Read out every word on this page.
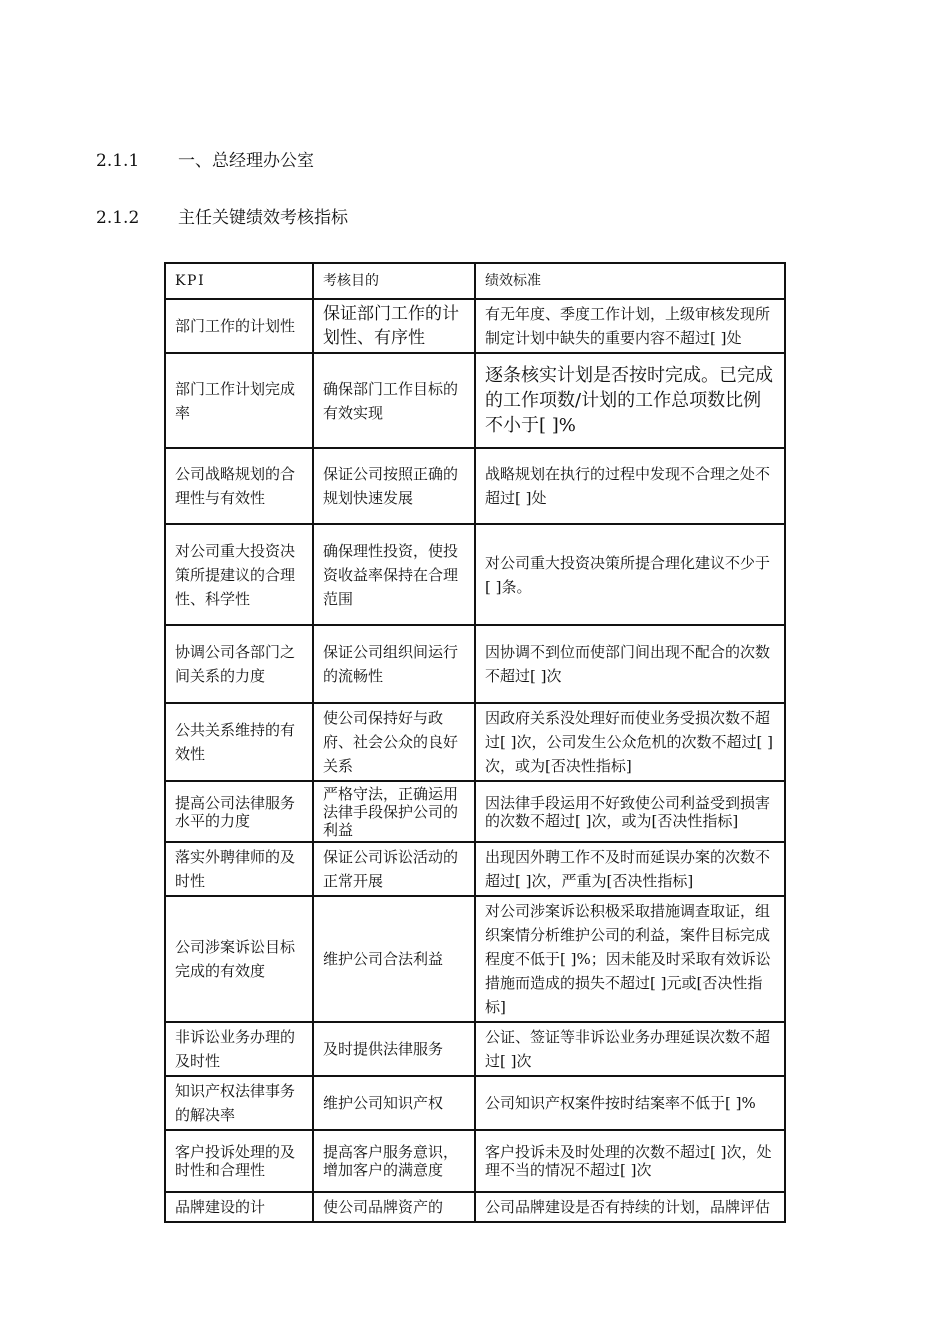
2.1.1 一、总经理办公室
2.1.2 主任关键绩效考核指标
KPI	考核目的	绩效标准
部门工作的计划性	保证部门工作的计划性、有序性	有无年度、季度工作计划，上级审核发现所制定计划中缺失的重要内容不超过[ ]处
部门工作计划完成率	确保部门工作目标的有效实现	逐条核实计划是否按时完成。已完成的工作项数/计划的工作总项数比例不小于[ ]%
公司战略规划的合理性与有效性	保证公司按照正确的规划快速发展	战略规划在执行的过程中发现不合理之处不超过[ ]处
对公司重大投资决策所提建议的合理性、科学性	确保理性投资，使投资收益率保持在合理范围	对公司重大投资决策所提合理化建议不少于[ ]条。
协调公司各部门之间关系的力度	保证公司组织间运行的流畅性	因协调不到位而使部门间出现不配合的次数不超过[ ]次
公共关系维持的有效性	使公司保持好与政府、社会公众的良好关系	因政府关系没处理好而使业务受损次数不超过[ ]次，公司发生公众危机的次数不超过[ ]次，或为[否决性指标]
提高公司法律服务水平的力度	严格守法，正确运用法律手段保护公司的利益	因法律手段运用不好致使公司利益受到损害的次数不超过[ ]次，或为[否决性指标]
落实外聘律师的及时性	保证公司诉讼活动的正常开展	出现因外聘工作不及时而延误办案的次数不超过[ ]次，严重为[否决性指标]
公司涉案诉讼目标完成的有效度	维护公司合法利益	对公司涉案诉讼积极采取措施调查取证，组织案情分析维护公司的利益，案件目标完成程度不低于[ ]%；因未能及时采取有效诉讼措施而造成的损失不超过[ ]元或[否决性指标]
非诉讼业务办理的及时性	及时提供法律服务	公证、签证等非诉讼业务办理延误次数不超过[ ]次
知识产权法律事务的解决率	维护公司知识产权	公司知识产权案件按时结案率不低于[ ]%
客户投诉处理的及时性和合理性	提高客户服务意识，增加客户的满意度	客户投诉未及时处理的次数不超过[ ]次，处理不当的情况不超过[ ]次
品牌建设的计	使公司品牌资产的	公司品牌建设是否有持续的计划，品牌评估
